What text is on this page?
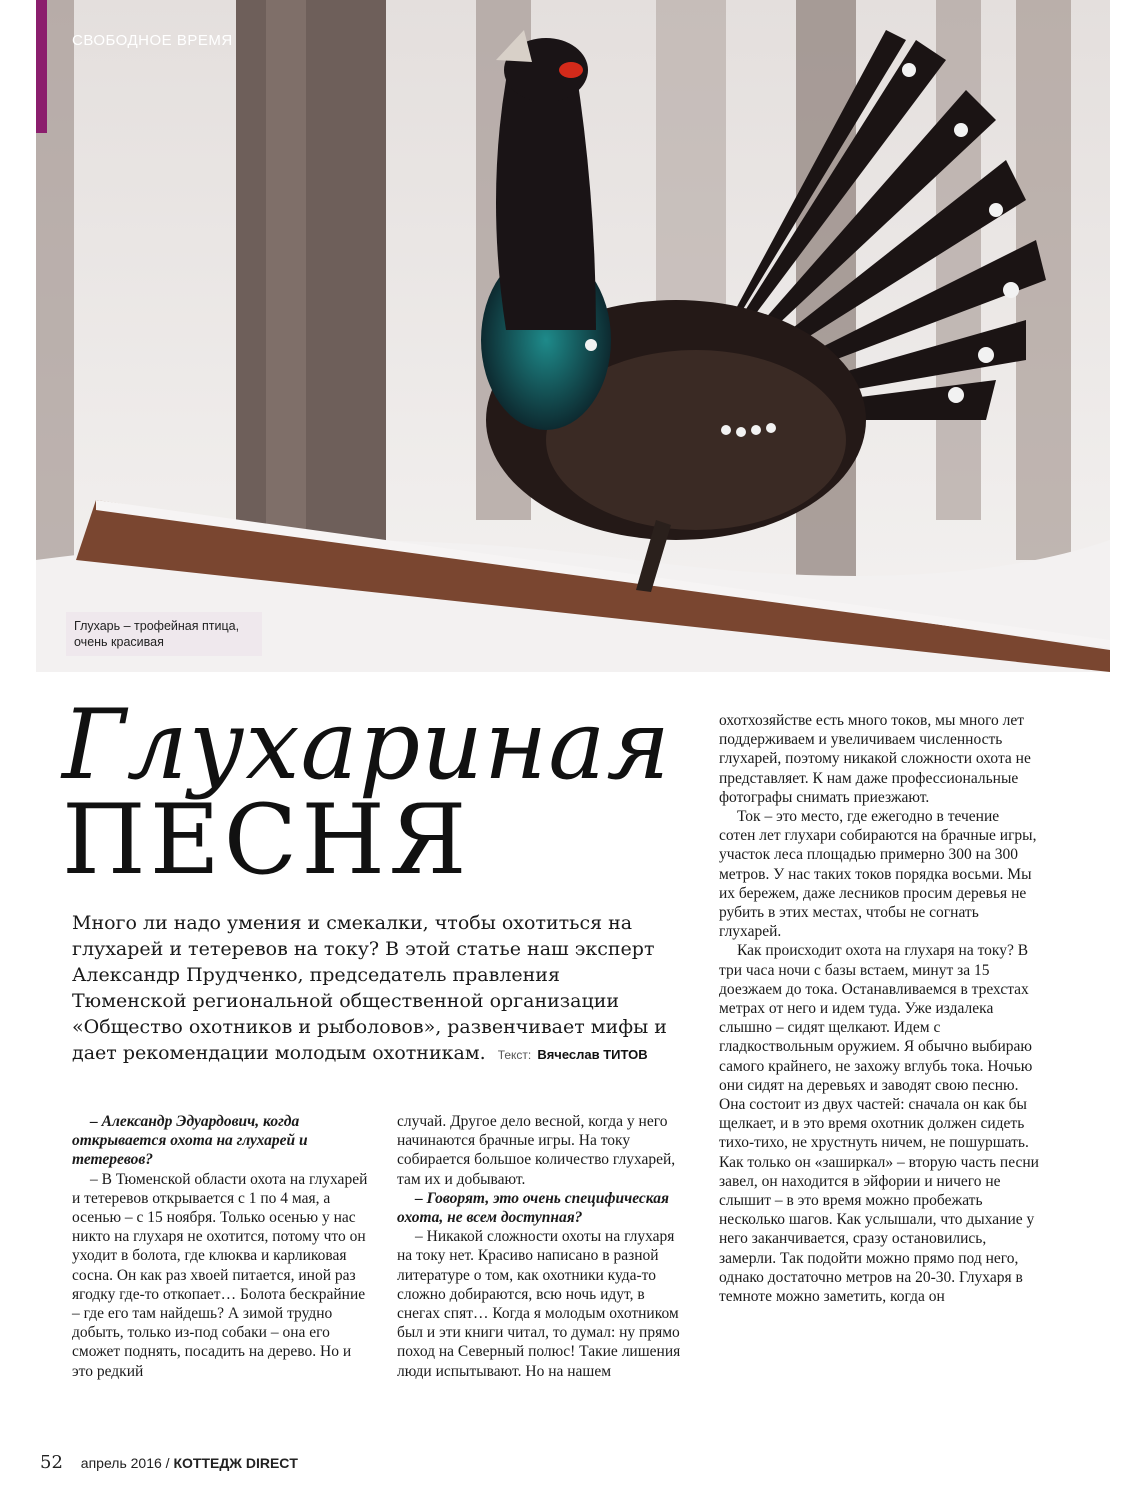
СВОБОДНОЕ ВРЕМЯ
Глухарь – трофейная птица, очень красивая
Глухариная
ПЕСНЯ
Много ли надо умения и смекалки, чтобы охотиться на глухарей и тетеревов на току? В этой статье наш эксперт Александр Прудченко, председатель правления Тюменской региональной общественной организации «Общество охотников и рыболовов», развенчивает мифы и дает рекомендации молодым охотникам. Текст: Вячеслав ТИТОВ

– Александр Эдуардович, когда открывается охота на глухарей и тетеревов?

– В Тюменской области охота на глухарей и тетеревов открывается с 1 по 4 мая, а осенью – с 15 ноября. Только осенью у нас никто на глухаря не охотится, потому что он уходит в болота, где клюква и карликовая сосна. Он как раз хвоей питается, иной раз ягодку где-то откопает… Болота бескрайние – где его там найдешь? А зимой трудно добыть, только из-под собаки – она его сможет поднять, посадить на дерево. Но и это редкий

случай. Другое дело весной, когда у него начинаются брачные игры. На току собирается большое количество глухарей, там их и добывают.

– Говорят, это очень специфическая охота, не всем доступная?

– Никакой сложности охоты на глухаря на току нет. Красиво написано в разной литературе о том, как охотники куда-то сложно добираются, всю ночь идут, в снегах спят… Когда я молодым охотником был и эти книги читал, то думал: ну прямо поход на Северный полюс! Такие лишения люди испытывают. Но на нашем

охотхозяйстве есть много токов, мы много лет поддерживаем и увеличиваем численность глухарей, поэтому никакой сложности охота не представляет. К нам даже профессиональные фотографы снимать приезжают.

Ток – это место, где ежегодно в течение сотен лет глухари собираются на брачные игры, участок леса площадью примерно 300 на 300 метров. У нас таких токов порядка восьми. Мы их бережем, даже лесников просим деревья не рубить в этих местах, чтобы не согнать глухарей.

Как происходит охота на глухаря на току? В три часа ночи с базы встаем, минут за 15 доезжаем до тока. Останавливаемся в трехстах метрах от него и идем туда. Уже издалека слышно – сидят щелкают. Идем с гладкоствольным оружием. Я обычно выбираю самого крайнего, не захожу вглубь тока. Ночью они сидят на деревьях и заводят свою песню. Она состоит из двух частей: сначала он как бы щелкает, и в это время охотник должен сидеть тихо-тихо, не хрустнуть ничем, не пошуршать. Как только он «заширкал» – вторую часть песни завел, он находится в эйфории и ничего не слышит – в это время можно пробежать несколько шагов. Как услышали, что дыхание у него заканчивается, сразу остановились, замерли. Так подойти можно прямо под него, однако достаточно метров на 20-30. Глухаря в темноте можно заметить, когда он

52 апрель 2016 / КОТТЕДЖ DIRECT
